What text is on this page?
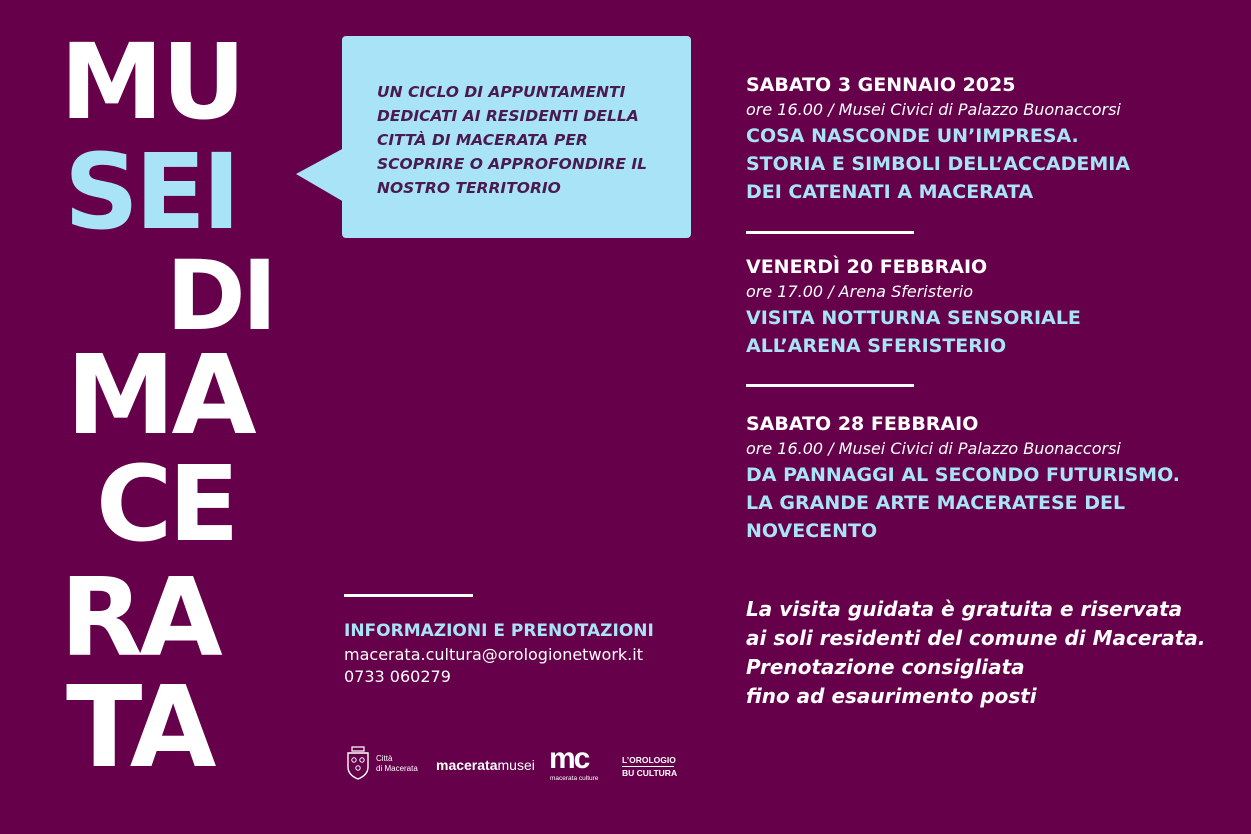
MU
SEI
DI
MA
CE
RA
TA
UN CICLO DI APPUNTAMENTI DEDICATI AI RESIDENTI DELLA CITTÀ DI MACERATA PER SCOPRIRE O APPROFONDIRE IL NOSTRO TERRITORIO
SABATO 3 GENNAIO 2025
ore 16.00 / Musei Civici di Palazzo Buonaccorsi
COSA NASCONDE UN’IMPRESA.
STORIA E SIMBOLI DELL’ACCADEMIA
DEI CATENATI A MACERATA
VENERDÌ 20 FEBBRAIO
ore 17.00 / Arena Sferisterio
VISITA NOTTURNA SENSORIALE
ALL’ARENA SFERISTERIO
SABATO 28 FEBBRAIO
ore 16.00 / Musei Civici di Palazzo Buonaccorsi
DA PANNAGGI AL SECONDO FUTURISMO.
LA GRANDE ARTE MACERATESE DEL
NOVECENTO
INFORMAZIONI E PRENOTAZIONI
macerata.cultura@orologionetwork.it
0733 060279
La visita guidata è gratuita e riservata
ai soli residenti del comune di Macerata.
Prenotazione consigliata
fino ad esaurimento posti
Città
di Macerata maceratamusei mc
macerata culture
L’OROLOGIO
BU CULTURA
